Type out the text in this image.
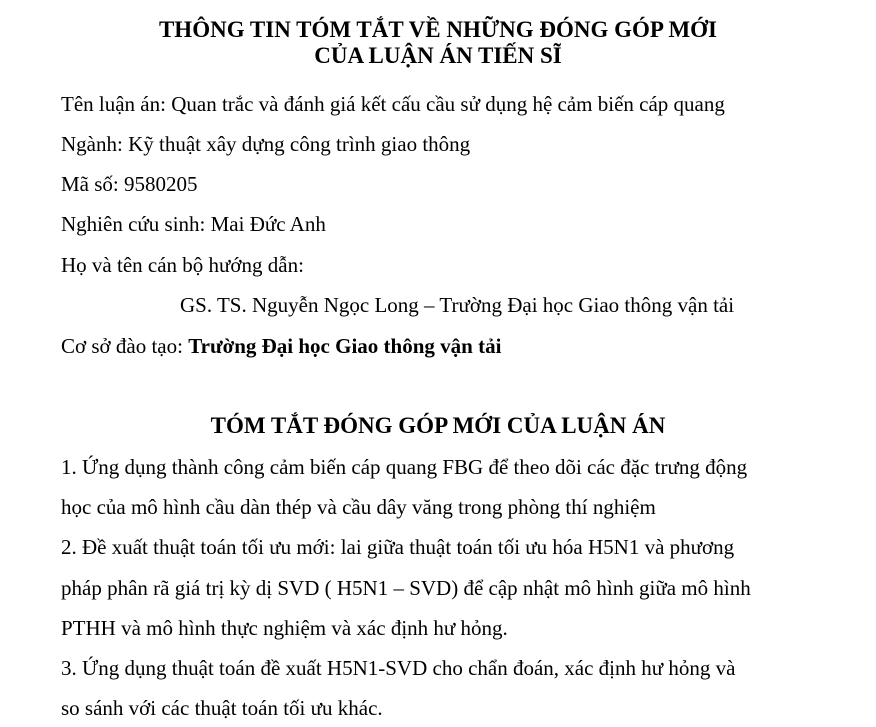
THÔNG TIN TÓM TẮT VỀ NHỮNG ĐÓNG GÓP MỚI
CỦA LUẬN ÁN TIẾN SĨ

Tên luận án: Quan trắc và đánh giá kết cấu cầu sử dụng hệ cảm biến cáp quang

Ngành: Kỹ thuật xây dựng công trình giao thông

Mã số: 9580205

Nghiên cứu sinh: Mai Đức Anh

Họ và tên cán bộ hướng dẫn:

GS. TS. Nguyễn Ngọc Long – Trường Đại học Giao thông vận tải

Cơ sở đào tạo: Trường Đại học Giao thông vận tải

TÓM TẮT ĐÓNG GÓP MỚI CỦA LUẬN ÁN

1. Ứng dụng thành công cảm biến cáp quang FBG để theo dõi các đặc trưng động

học của mô hình cầu dàn thép và cầu dây văng trong phòng thí nghiệm

2. Đề xuất thuật toán tối ưu mới: lai giữa thuật toán tối ưu hóa H5N1 và phương

pháp phân rã giá trị kỳ dị SVD ( H5N1 – SVD) để cập nhật mô hình giữa mô hình

PTHH và mô hình thực nghiệm và xác định hư hỏng.

3. Ứng dụng thuật toán đề xuất H5N1-SVD cho chẩn đoán, xác định hư hỏng và

so sánh với các thuật toán tối ưu khác.
